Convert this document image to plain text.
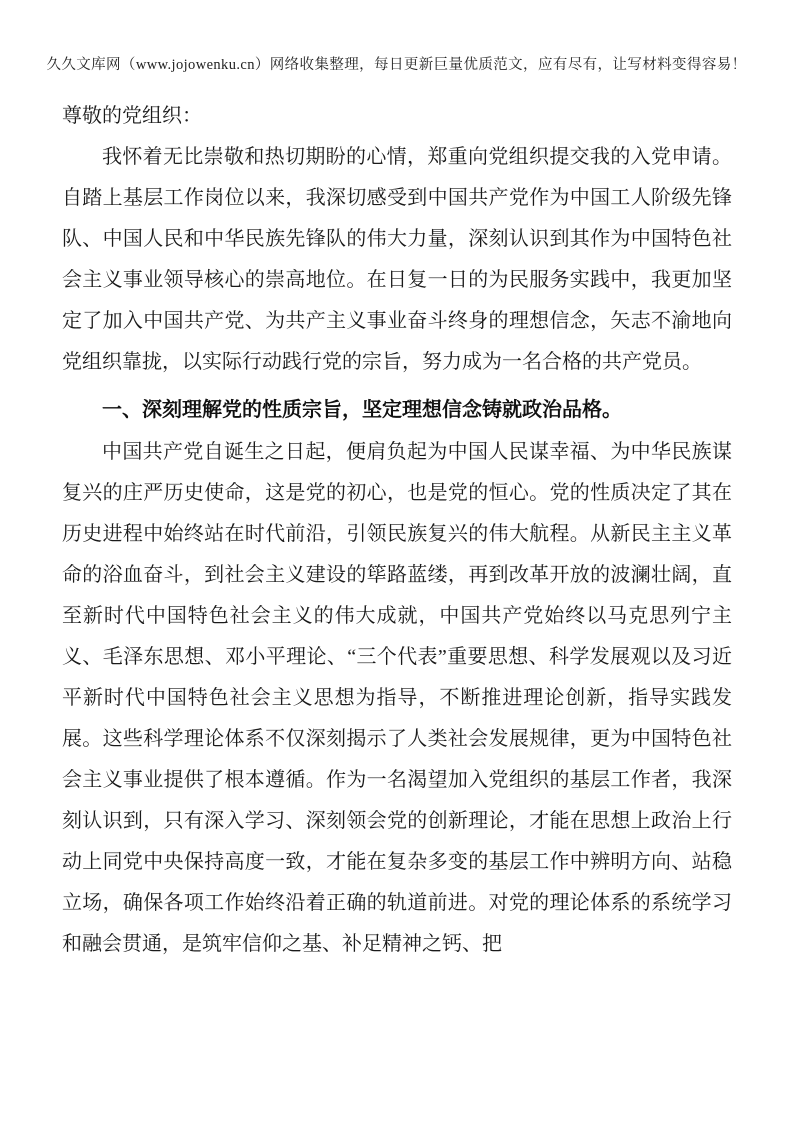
久久文库网（www.jojowenku.cn）网络收集整理，每日更新巨量优质范文，应有尽有，让写材料变得容易！

尊敬的党组织：

我怀着无比崇敬和热切期盼的心情，郑重向党组织提交我的入党申请。自踏上基层工作岗位以来，我深切感受到中国共产党作为中国工人阶级先锋队、中国人民和中华民族先锋队的伟大力量，深刻认识到其作为中国特色社会主义事业领导核心的崇高地位。在日复一日的为民服务实践中，我更加坚定了加入中国共产党、为共产主义事业奋斗终身的理想信念，矢志不渝地向党组织靠拢，以实际行动践行党的宗旨，努力成为一名合格的共产党员。

一、深刻理解党的性质宗旨，坚定理想信念铸就政治品格。

中国共产党自诞生之日起，便肩负起为中国人民谋幸福、为中华民族谋复兴的庄严历史使命，这是党的初心，也是党的恒心。党的性质决定了其在历史进程中始终站在时代前沿，引领民族复兴的伟大航程。从新民主主义革命的浴血奋斗，到社会主义建设的筚路蓝缕，再到改革开放的波澜壮阔，直至新时代中国特色社会主义的伟大成就，中国共产党始终以马克思列宁主义、毛泽东思想、邓小平理论、“三个代表”重要思想、科学发展观以及习近平新时代中国特色社会主义思想为指导，不断推进理论创新，指导实践发展。这些科学理论体系不仅深刻揭示了人类社会发展规律，更为中国特色社会主义事业提供了根本遵循。作为一名渴望加入党组织的基层工作者，我深刻认识到，只有深入学习、深刻领会党的创新理论，才能在思想上政治上行动上同党中央保持高度一致，才能在复杂多变的基层工作中辨明方向、站稳立场，确保各项工作始终沿着正确的轨道前进。对党的理论体系的系统学习和融会贯通，是筑牢信仰之基、补足精神之钙、把
